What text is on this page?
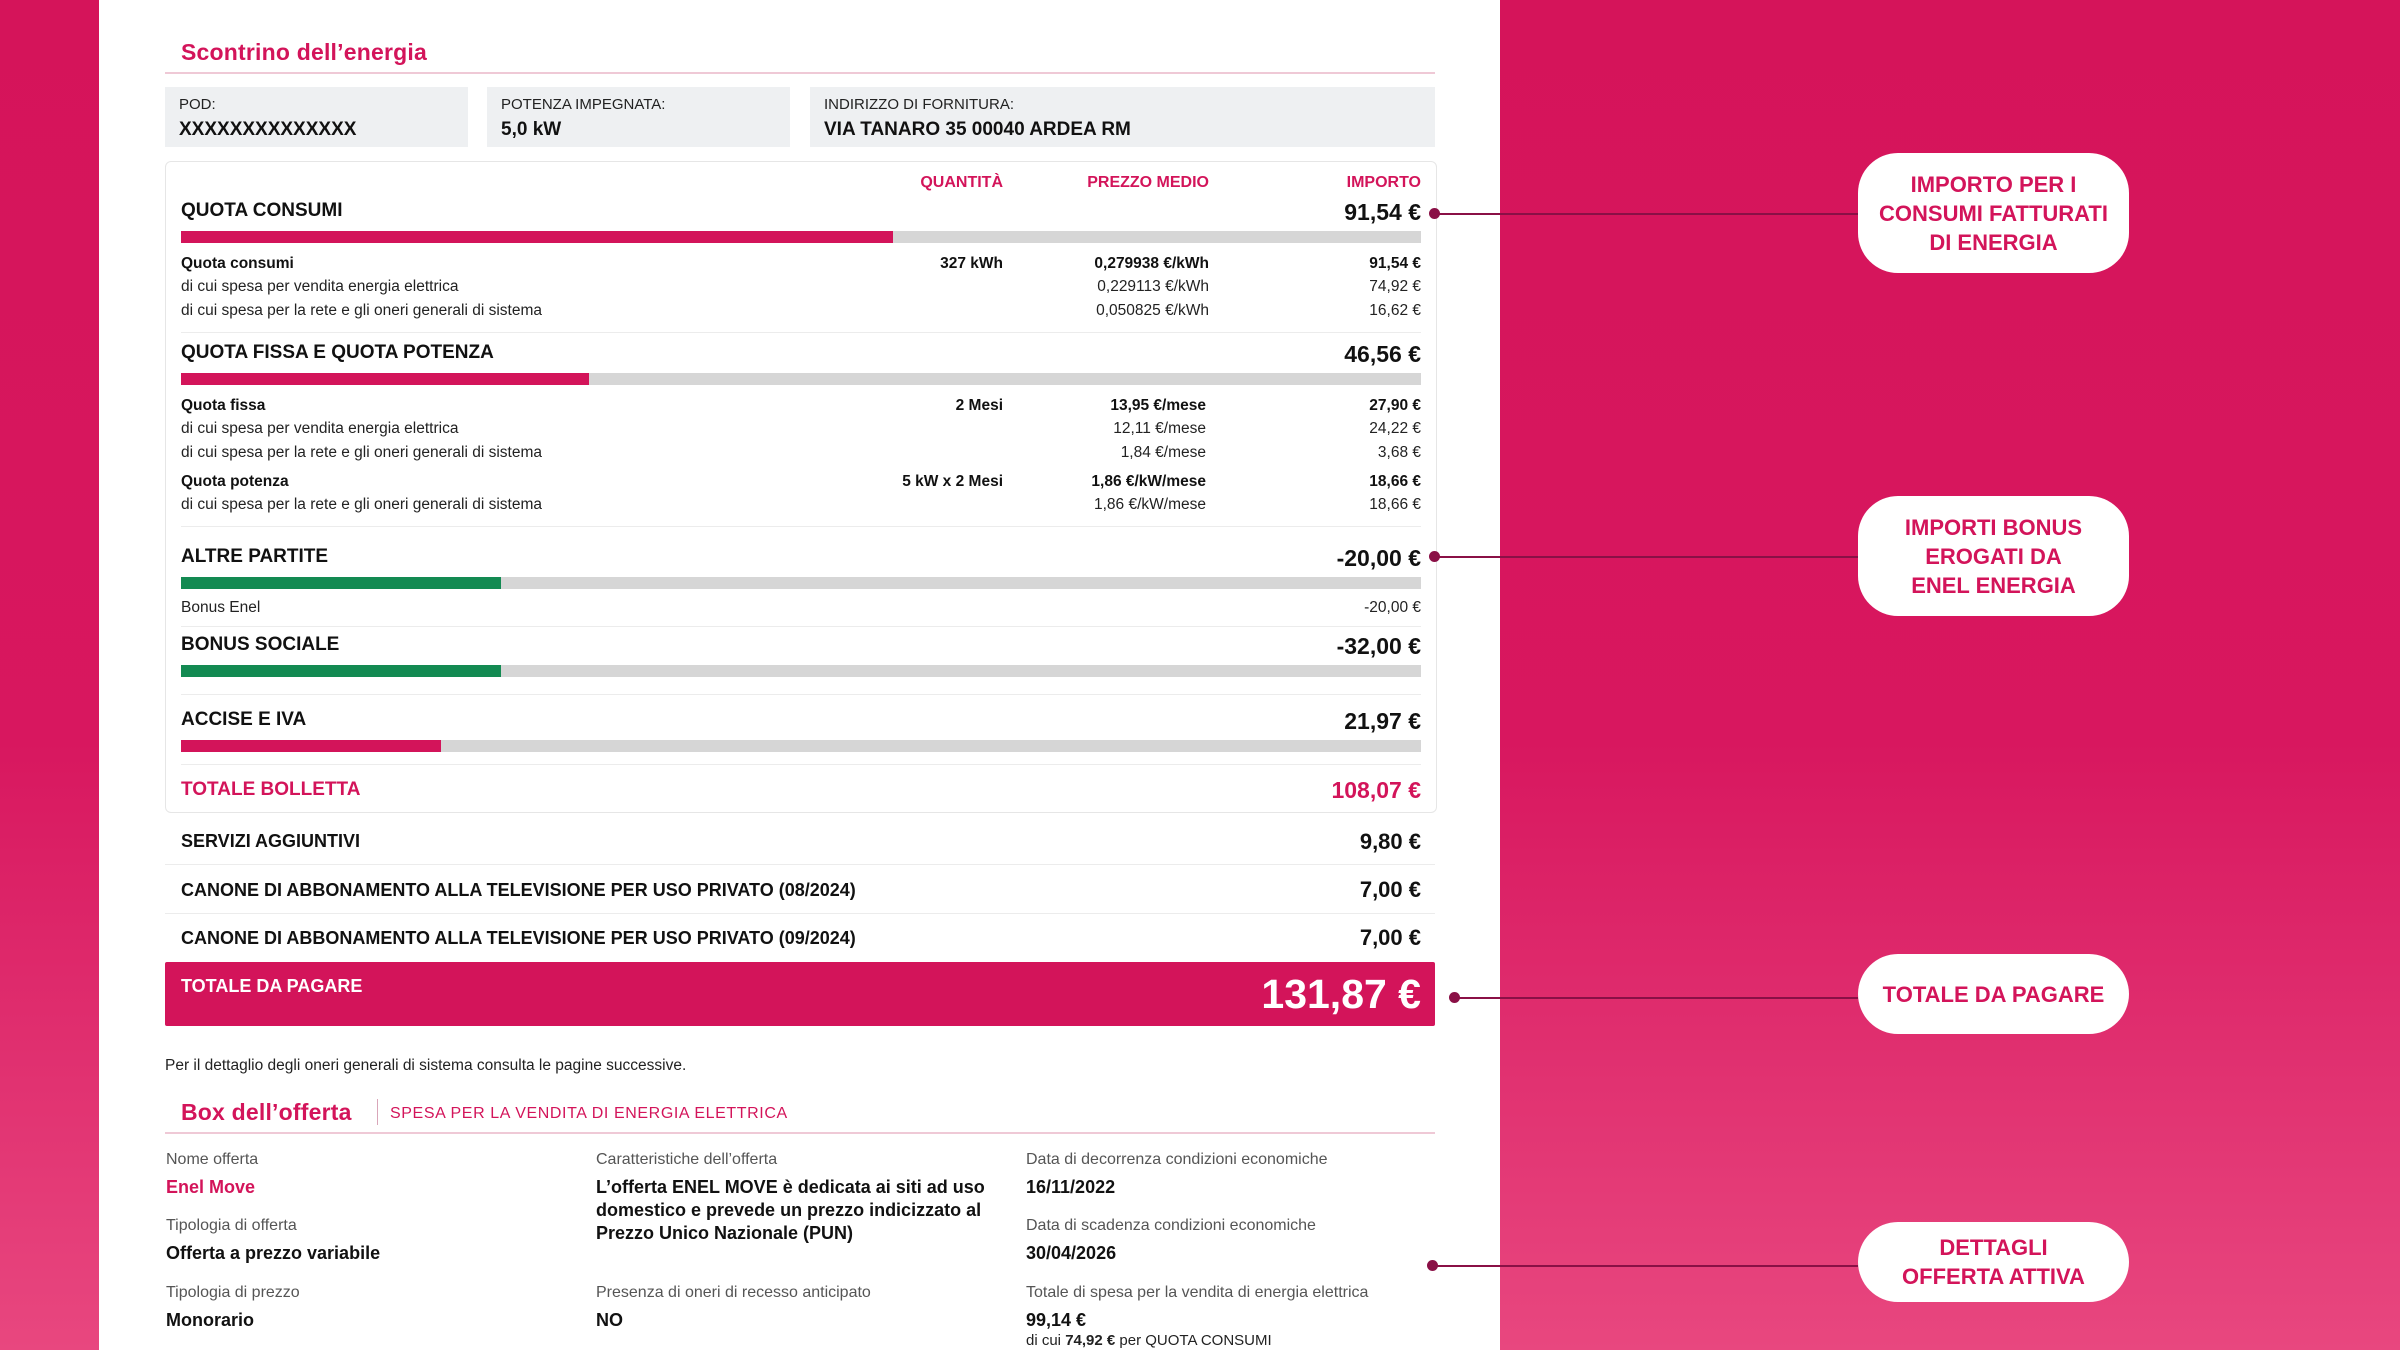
Scontrino dell’energia
POD:
XXXXXXXXXXXXXX
POTENZA IMPEGNATA:
5,0 kW
INDIRIZZO DI FORNITURA:
VIA TANARO 35 00040 ARDEA RM
QUANTITÀ	PREZZO MEDIO	IMPORTO
QUOTA CONSUMI	91,54 €
Quota consumi	327 kWh	0,279938 €/kWh	91,54 €
di cui spesa per vendita energia elettrica	0,229113 €/kWh	74,92 €
di cui spesa per la rete e gli oneri generali di sistema	0,050825 €/kWh	16,62 €
QUOTA FISSA E QUOTA POTENZA	46,56 €
Quota fissa	2 Mesi	13,95 €/mese	27,90 €
di cui spesa per vendita energia elettrica	12,11 €/mese	24,22 €
di cui spesa per la rete e gli oneri generali di sistema	1,84 €/mese	3,68 €
Quota potenza	5 kW x 2 Mesi	1,86 €/kW/mese	18,66 €
di cui spesa per la rete e gli oneri generali di sistema	1,86 €/kW/mese	18,66 €
ALTRE PARTITE	-20,00 €
Bonus Enel	-20,00 €
BONUS SOCIALE	-32,00 €
ACCISE E IVA	21,97 €
TOTALE BOLLETTA	108,07 €
SERVIZI AGGIUNTIVI	9,80 €
CANONE DI ABBONAMENTO ALLA TELEVISIONE PER USO PRIVATO (08/2024)	7,00 €
CANONE DI ABBONAMENTO ALLA TELEVISIONE PER USO PRIVATO (09/2024)	7,00 €
TOTALE DA PAGARE	131,87 €
Per il dettaglio degli oneri generali di sistema consulta le pagine successive.
Box dell’offerta SPESA PER LA VENDITA DI ENERGIA ELETTRICA
Nome offerta
Enel Move
Tipologia di offerta
Offerta a prezzo variabile
Tipologia di prezzo
Monorario
Caratteristiche dell’offerta
L’offerta ENEL MOVE è dedicata ai siti ad uso
domestico e prevede un prezzo indicizzato al
Prezzo Unico Nazionale (PUN)
Presenza di oneri di recesso anticipato
NO
Data di decorrenza condizioni economiche
16/11/2022
Data di scadenza condizioni economiche
30/04/2026
Totale di spesa per la vendita di energia elettrica
99,14 €
di cui 74,92 € per QUOTA CONSUMI
IMPORTO PER I
CONSUMI FATTURATI
DI ENERGIA
IMPORTI BONUS
EROGATI DA
ENEL ENERGIA
TOTALE DA PAGARE
DETTAGLI
OFFERTA ATTIVA
